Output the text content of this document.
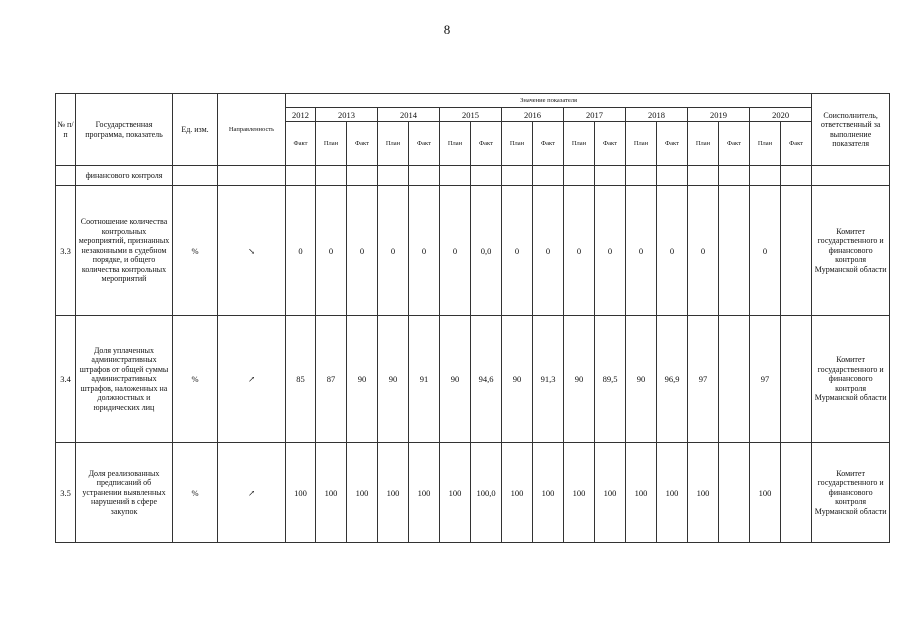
8
№ п/п	Государственная программа, показатель	Ед. изм.	Направленность	Значение показателя																	Соисполнитель, ответственный за выполнение показателя
				2012	2013		2014		2015		2016		2017		2018		2019		2020		
				Факт	План	Факт	План	Факт	План	Факт	План	Факт	План	Факт	План	Факт	План	Факт	План	Факт	
	финансового контроля																				
3.3	Соотношение количества контрольных мероприятий, признанных незаконными в судебном порядке, и общего количества контрольных мероприятий	%	↘	0	0	0	0	0	0	0,0	0	0	0	0	0	0	0		0		Комитет государственного и финансового контроля Мурманской области
3.4	Доля уплаченных административных штрафов от общей суммы административных штрафов, наложенных на должностных и юридических лиц	%	↗	85	87	90	90	91	90	94,6	90	91,3	90	89,5	90	96,9	97		97		Комитет государственного и финансового контроля Мурманской области
3.5	Доля реализованных предписаний об устранении выявленных нарушений в сфере закупок	%	↗	100	100	100	100	100	100	100,0	100	100	100	100	100	100	100		100		Комитет государственного и финансового контроля Мурманской области
